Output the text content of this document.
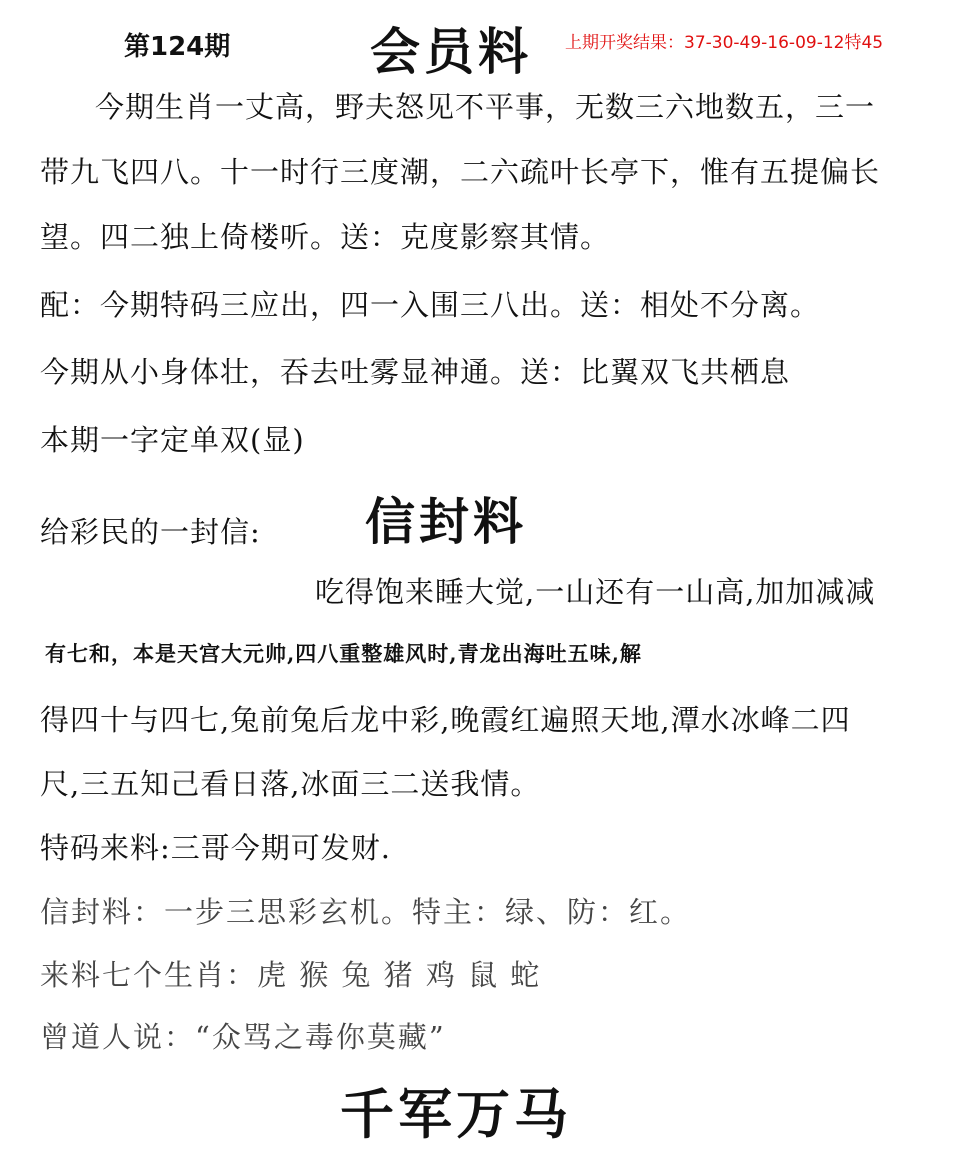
第124期	会员料 上期开奖结果：37-30-49-16-09-12特45
今期生肖一丈高，野夫怒见不平事，无数三六地数五，三一
带九飞四八。十一时行三度潮，二六疏叶长亭下，惟有五提偏长
望。四二独上倚楼听。送：克度影察其情。
配：今期特码三应出，四一入围三八出。送：相处不分离。
今期从小身体壮，吞去吐雾显神通。送：比翼双飞共栖息
本期一字定单双(显)
给彩民的一封信: 信封料
吃得饱来睡大觉,一山还有一山高,加加减减
有七和，本是天宫大元帅,四八重整雄风时,青龙出海吐五味,解
得四十与四七,兔前兔后龙中彩,晚霞红遍照天地,潭水冰峰二四
尺,三五知己看日落,冰面三二送我情。
特码来料:三哥今期可发财.
信封料：一步三思彩玄机。特主：绿、防：红。
来料七个生肖：虎 猴 兔 猪 鸡 鼠 蛇
曾道人说：“众骂之毒你莫藏”
千军万马
